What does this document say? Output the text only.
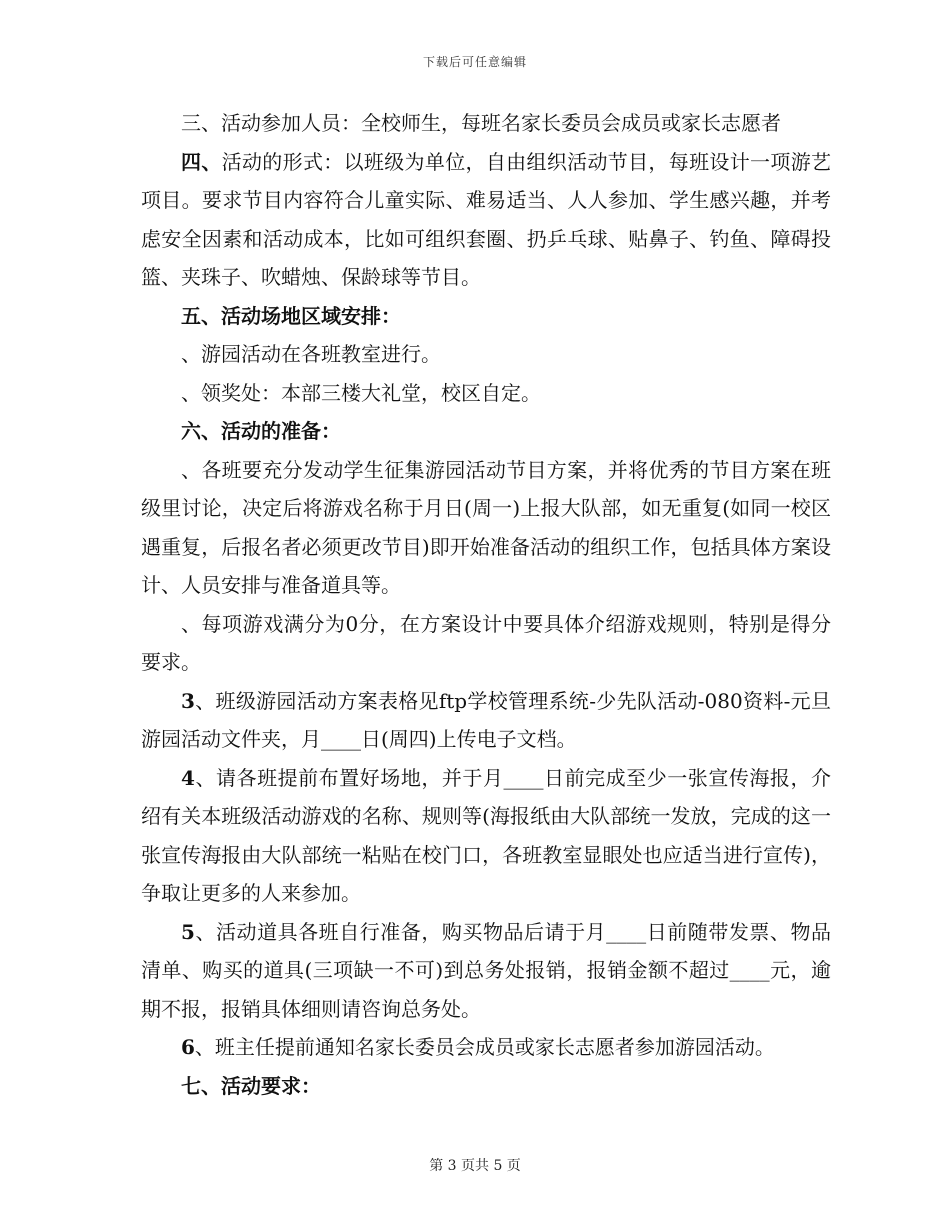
下载后可任意编辑

三、活动参加人员：全校师生，每班名家长委员会成员或家长志愿者

四、活动的形式：以班级为单位，自由组织活动节目，每班设计一项游艺项目。要求节目内容符合儿童实际、难易适当、人人参加、学生感兴趣，并考虑安全因素和活动成本，比如可组织套圈、扔乒乓球、贴鼻子、钓鱼、障碍投篮、夹珠子、吹蜡烛、保龄球等节目。

五、活动场地区域安排：

、游园活动在各班教室进行。

、领奖处：本部三楼大礼堂，校区自定。

六、活动的准备：

、各班要充分发动学生征集游园活动节目方案，并将优秀的节目方案在班级里讨论，决定后将游戏名称于月日(周一)上报大队部，如无重复(如同一校区遇重复，后报名者必须更改节目)即开始准备活动的组织工作，包括具体方案设计、人员安排与准备道具等。

、每项游戏满分为0分，在方案设计中要具体介绍游戏规则，特别是得分要求。

3、班级游园活动方案表格见ftp学校管理系统-少先队活动-080资料-元旦游园活动文件夹，月____日(周四)上传电子文档。

4、请各班提前布置好场地，并于月____日前完成至少一张宣传海报，介绍有关本班级活动游戏的名称、规则等(海报纸由大队部统一发放，完成的这一张宣传海报由大队部统一粘贴在校门口，各班教室显眼处也应适当进行宣传)，争取让更多的人来参加。

5、活动道具各班自行准备，购买物品后请于月____日前随带发票、物品清单、购买的道具(三项缺一不可)到总务处报销，报销金额不超过____元，逾期不报，报销具体细则请咨询总务处。

6、班主任提前通知名家长委员会成员或家长志愿者参加游园活动。

七、活动要求：

第 3 页共 5 页
